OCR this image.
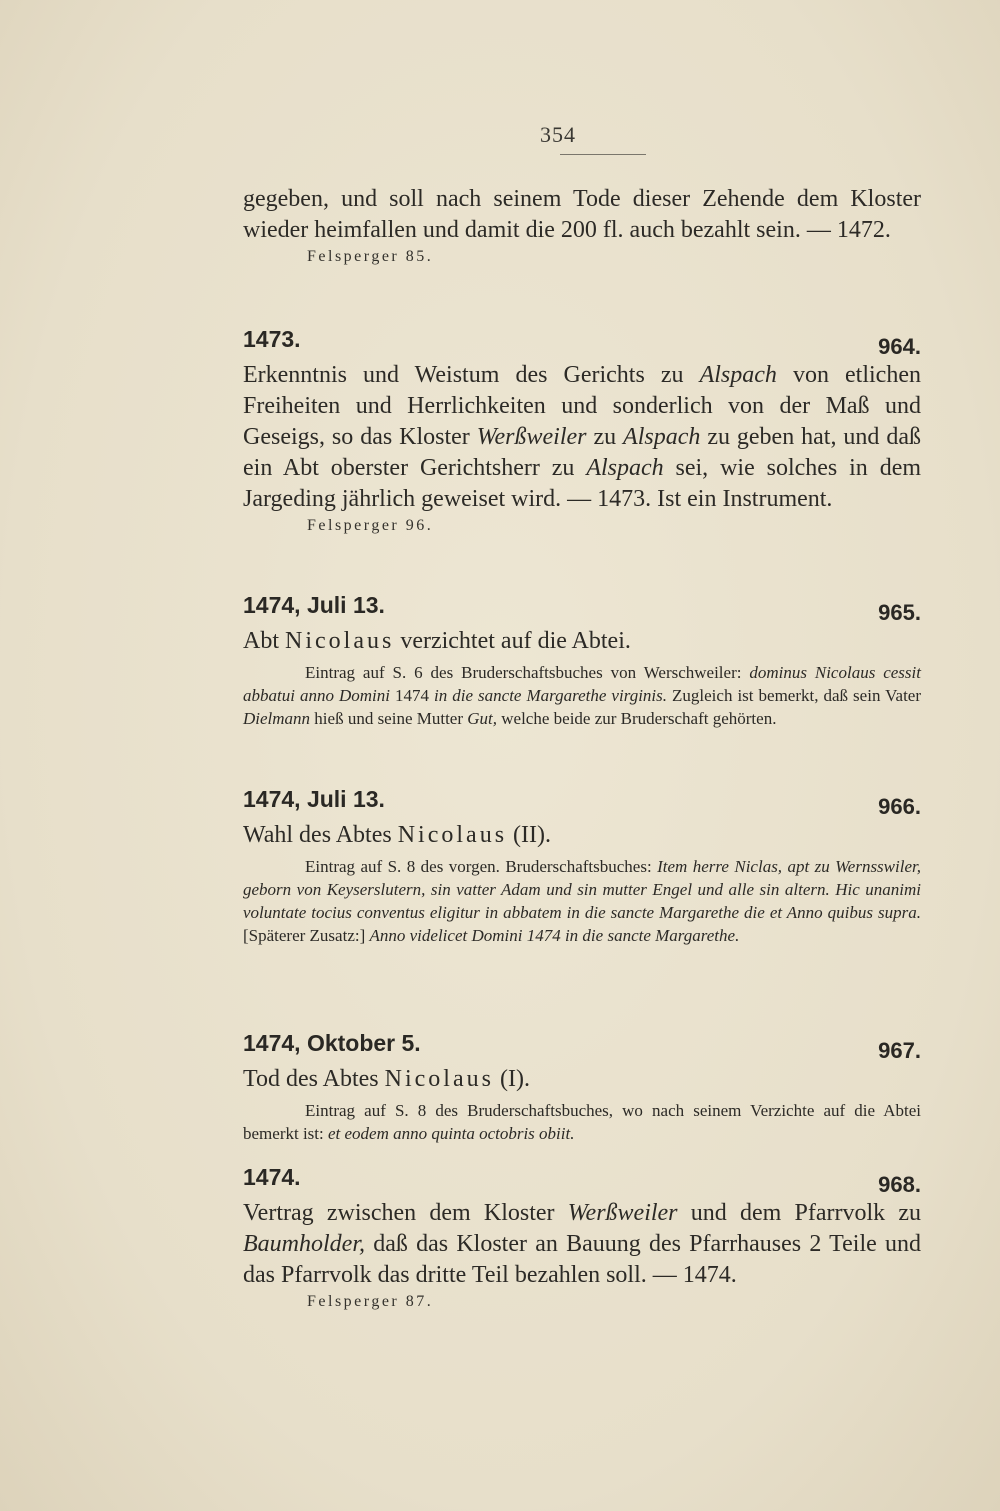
354

gegeben, und soll nach seinem Tode dieser Zehende dem Kloster wieder heimfallen und damit die 200 fl. auch bezahlt sein. — 1472.

Felsperger 85.
1473.	964.

Erkenntnis und Weistum des Gerichts zu Alspach von etlichen Freiheiten und Herrlichkeiten und sonderlich von der Maß und Geseigs, so das Kloster Werßweiler zu Alspach zu geben hat, und daß ein Abt oberster Gerichtsherr zu Alspach sei, wie solches in dem Jargeding jährlich geweiset wird. — 1473. Ist ein Instrument.

Felsperger 96.
1474, Juli 13.	965.

Abt Nicolaus verzichtet auf die Abtei.

Eintrag auf S. 6 des Bruderschaftsbuches von Werschweiler: dominus Nicolaus cessit abbatui anno Domini 1474 in die sancte Margarethe virginis. Zugleich ist bemerkt, daß sein Vater Dielmann hieß und seine Mutter Gut, welche beide zur Bruderschaft gehörten.

1474, Juli 13.	966.

Wahl des Abtes Nicolaus (II).

Eintrag auf S. 8 des vorgen. Bruderschaftsbuches: Item herre Niclas, apt zu Wernsswiler, geborn von Keyserslutern, sin vatter Adam und sin mutter Engel und alle sin altern. Hic unanimi voluntate tocius conventus eligitur in abbatem in die sancte Margarethe die et Anno quibus supra. [Späterer Zusatz:] Anno videlicet Domini 1474 in die sancte Margarethe.

1474, Oktober 5.	967.

Tod des Abtes Nicolaus (I).

Eintrag auf S. 8 des Bruderschaftsbuches, wo nach seinem Verzichte auf die Abtei bemerkt ist: et eodem anno quinta octobris obiit.

1474.	968.

Vertrag zwischen dem Kloster Werßweiler und dem Pfarrvolk zu Baumholder, daß das Kloster an Bauung des Pfarrhauses 2 Teile und das Pfarrvolk das dritte Teil bezahlen soll. — 1474.

Felsperger 87.
